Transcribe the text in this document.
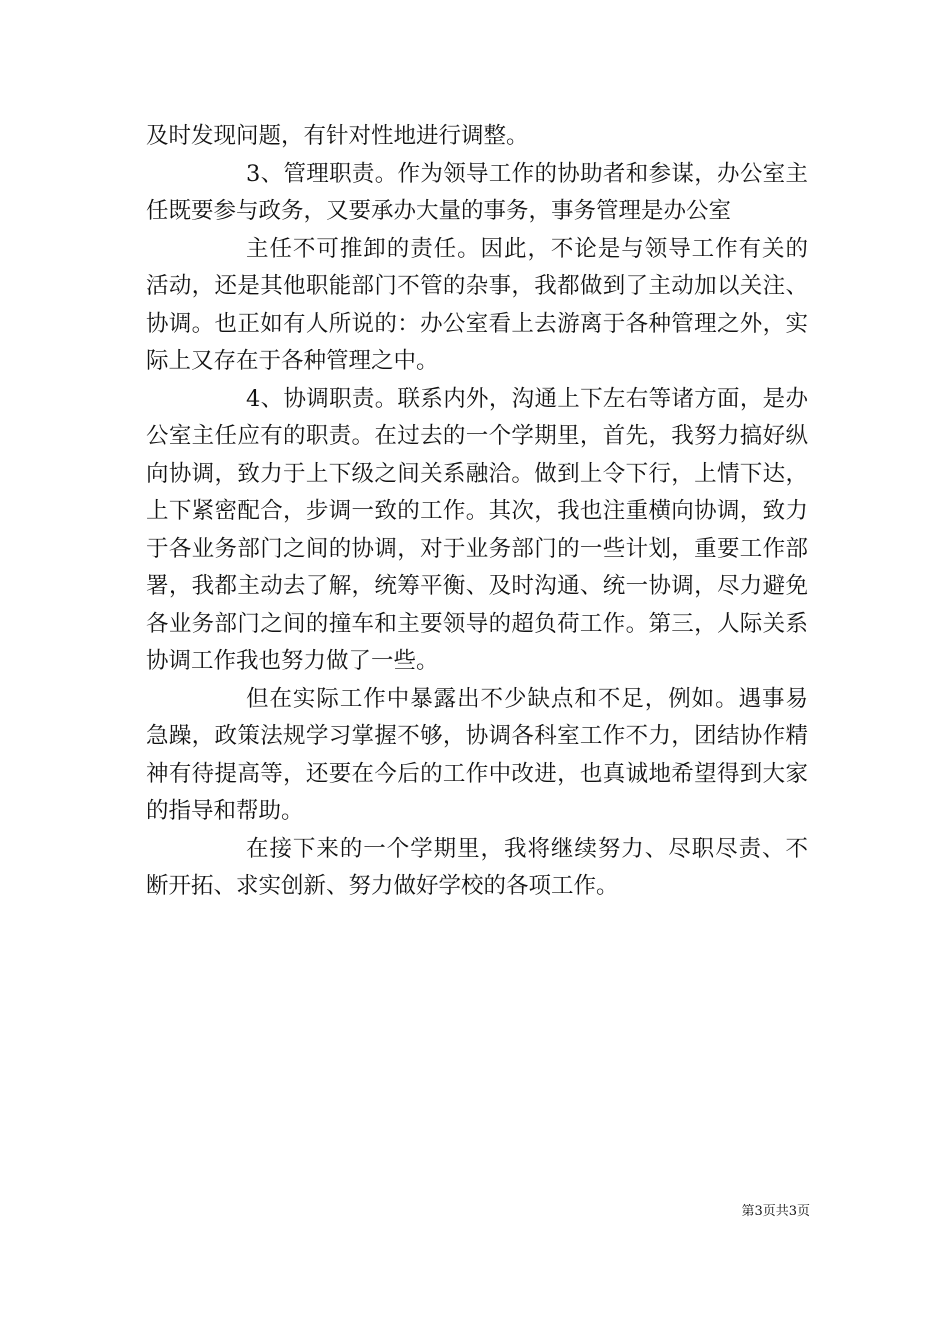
及时发现问题，有针对性地进行调整。

3、管理职责。作为领导工作的协助者和参谋，办公室主任既要参与政务，又要承办大量的事务，事务管理是办公室

主任不可推卸的责任。因此，不论是与领导工作有关的活动，还是其他职能部门不管的杂事，我都做到了主动加以关注、协调。也正如有人所说的：办公室看上去游离于各种管理之外，实际上又存在于各种管理之中。

4、协调职责。联系内外，沟通上下左右等诸方面，是办公室主任应有的职责。在过去的一个学期里，首先，我努力搞好纵向协调，致力于上下级之间关系融洽。做到上令下行，上情下达，上下紧密配合，步调一致的工作。其次，我也注重横向协调，致力于各业务部门之间的协调，对于业务部门的一些计划，重要工作部署，我都主动去了解，统筹平衡、及时沟通、统一协调，尽力避免各业务部门之间的撞车和主要领导的超负荷工作。第三，人际关系协调工作我也努力做了一些。

但在实际工作中暴露出不少缺点和不足，例如。遇事易急躁，政策法规学习掌握不够，协调各科室工作不力，团结协作精神有待提高等，还要在今后的工作中改进，也真诚地希望得到大家的指导和帮助。

在接下来的一个学期里，我将继续努力、尽职尽责、不断开拓、求实创新、努力做好学校的各项工作。

第3页共3页
